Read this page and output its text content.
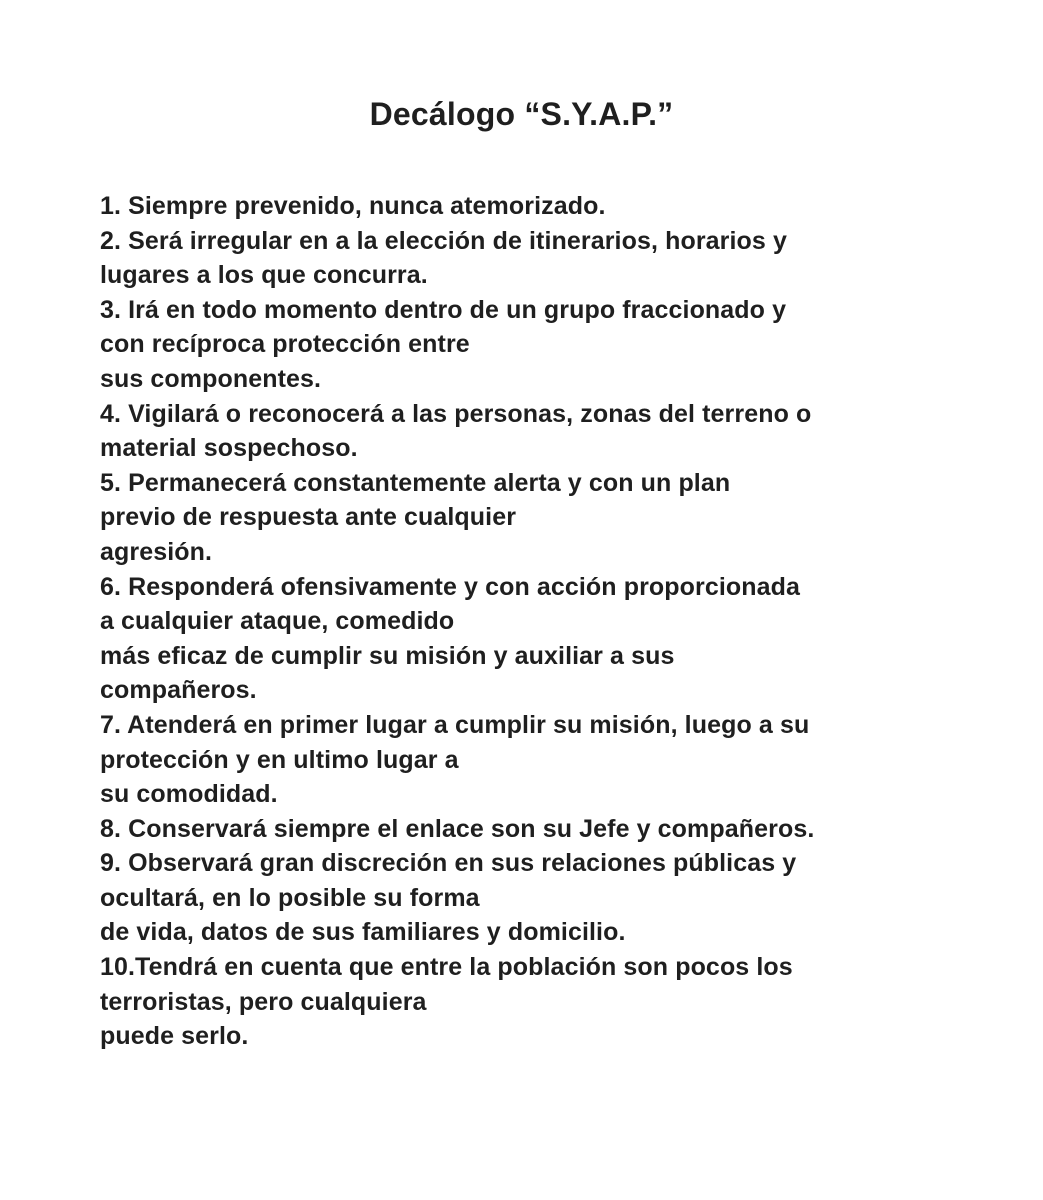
Decálogo “S.Y.A.P.”
1. Siempre prevenido, nunca atemorizado.
2. Será irregular en a la elección de itinerarios, horarios y
lugares a los que concurra.
3. Irá en todo momento dentro de un grupo fraccionado y
con recíproca protección entre
sus componentes.
4. Vigilará o reconocerá a las personas, zonas del terreno o
material sospechoso.
5. Permanecerá constantemente alerta y con un plan
previo de respuesta ante cualquier
agresión.
6. Responderá ofensivamente y con acción proporcionada
a cualquier ataque, comedido
más eficaz de cumplir su misión y auxiliar a sus
compañeros.
7. Atenderá en primer lugar a cumplir su misión, luego a su
protección y en ultimo lugar a
su comodidad.
8. Conservará siempre el enlace son su Jefe y compañeros.
9. Observará gran discreción en sus relaciones públicas y
ocultará, en lo posible su forma
de vida, datos de sus familiares y domicilio.
10.Tendrá en cuenta que entre la población son pocos los
terroristas, pero cualquiera
puede serlo.
